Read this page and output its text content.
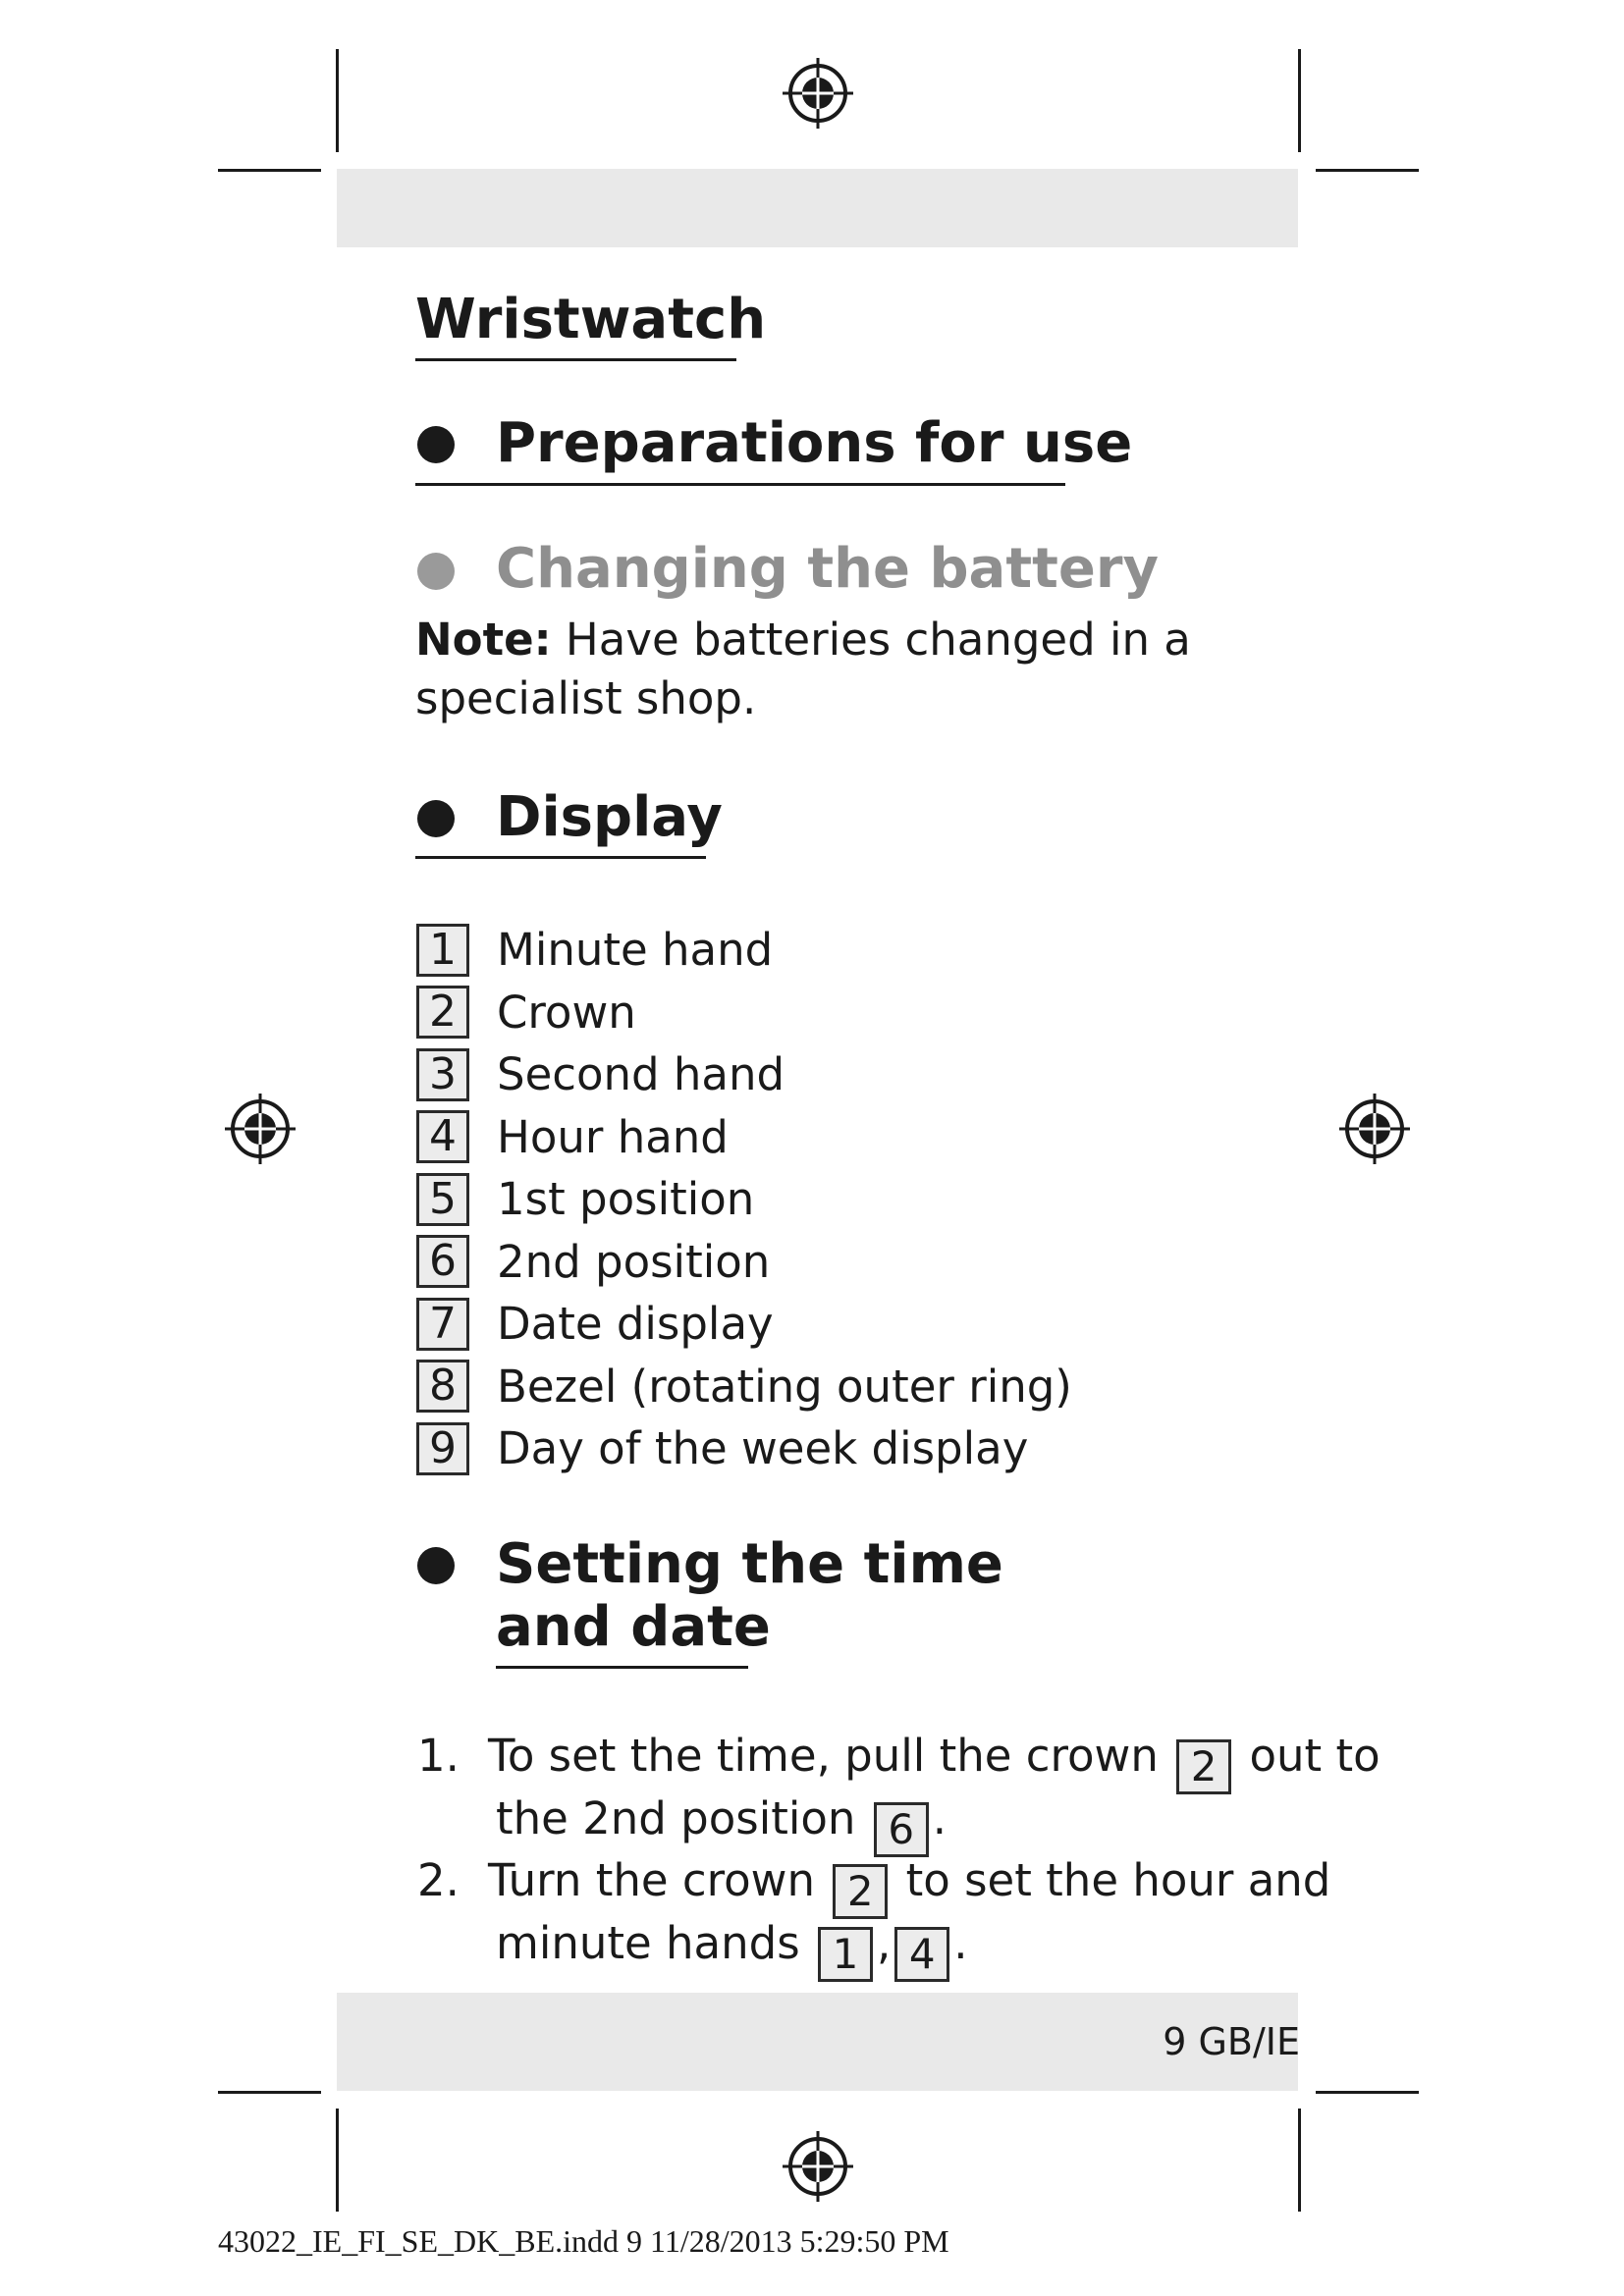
Wristwatch
Preparations for use
Changing the battery
Note: Have batteries changed in a
specialist shop.
Display
1 Minute hand
2 Crown
3 Second hand
4 Hour hand
5 1st position
6 2nd position
7 Date display
8 Bezel (rotating outer ring)
9 Day of the week display
Setting the time
and date
1. To set the time, pull the crown 2 out to
the 2nd position 6 .
2. Turn the crown 2 to set the hour and
minute hands 1 , 4 .
9 GB/IE
43022_IE_FI_SE_DK_BE.indd 9 11/28/2013 5:29:50 PM
